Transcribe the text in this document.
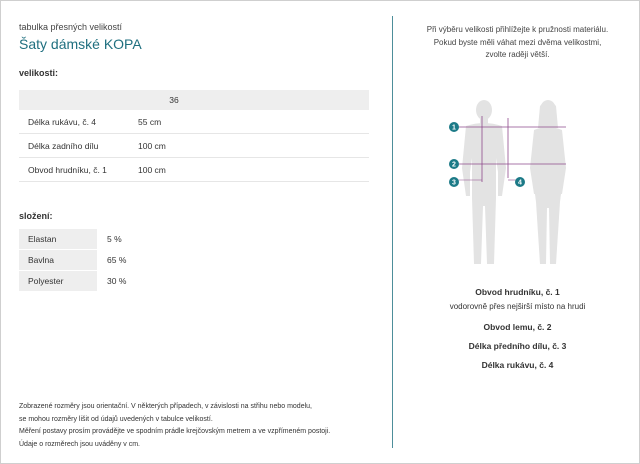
tabulka přesných velikostí

Šaty dámské KOPA
velikosti:
	36	
Délka rukávu, č. 4	55 cm	
Délka zadního dílu	100 cm	
Obvod hrudníku, č. 1	100 cm	
složení:
Elastan	5 %
Bavlna	65 %
Polyester	30 %
Zobrazené rozměry jsou orientační. V některých případech, v závislosti na střihu nebo modelu,
se mohou rozměry lišit od údajů uvedených v tabulce velikostí.
Měření postavy prosím provádějte ve spodním prádle krejčovským metrem a ve vzpřímeném postoji.
Údaje o rozměrech jsou uváděny v cm.
Při výběru velikosti přihlížejte k pružnosti materiálu.
Pokud byste měli váhat mezi dvěma velikostmi,
zvolte raději větší.
1
2
3	4
Obvod hrudníku, č. 1
vodorovně přes nejširší místo na hrudi
Obvod lemu, č. 2
Délka předního dílu, č. 3
Délka rukávu, č. 4
